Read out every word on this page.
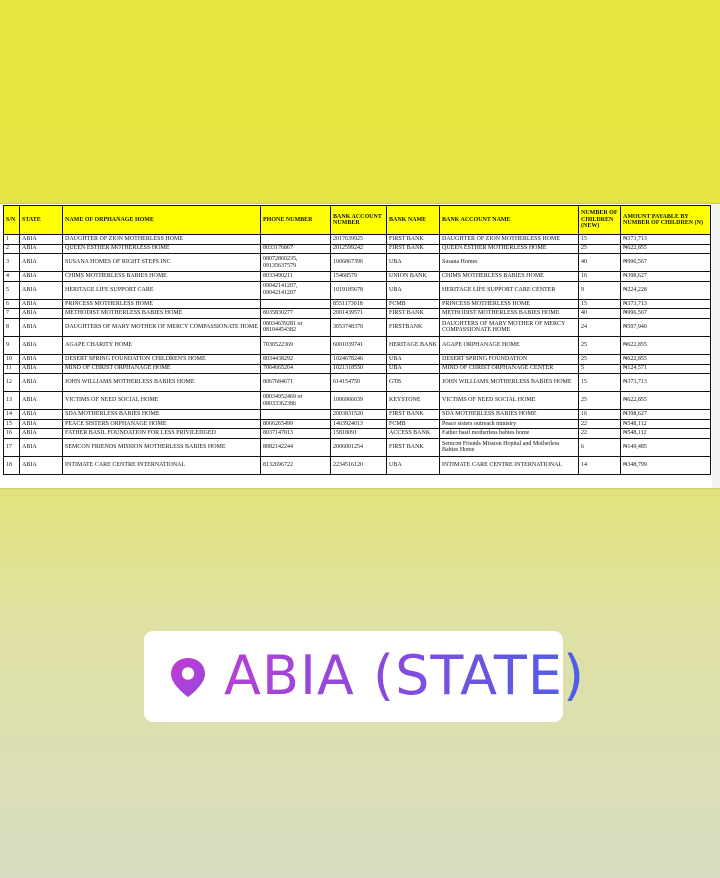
S/N	STATE	NAME OF ORPHANAGE HOME	PHONE NUMBER	BANK ACCOUNT NUMBER	BANK NAME	BANK ACCOUNT NAME	NUMBER OF CHILDREN (NEW)	AMOUNT PAYABLE BY NUMBER OF CHILDREN (N)
1	ABIA	DAUGHTER OF ZION MOTHERLESS HOME		2017639925	FIRST BANK	DAUGHTER OF ZION MOTHERLESS HOME	15	₦373,713
2	ABIA	QUEEN ESTHER MOTHERLESS HOME	8033176867	2012599242	FIRST BANK	QUEEN ESTHER MOTHERLESS HOME	25	₦622,855
3	ABIA	SUSANA HOMES OF RIGHT STEPS INC	08072860235, 09135637579	1006867396	UBA	Susana Homes	40	₦996,567
4	ABIA	CHIMS MOTHERLESS BABIES HOME	8033490211	15468579	UNION BANK	CHIMS MOTHERLESS BABIES HOME	16	₦398,627
5	ABIA	HERITAGE LIFE SUPPORT CARE	09042141207, 09042141207	1019185678	UBA	HERITAGE LIFE SUPPORT CARE CENTER	9	₦224,228
6	ABIA	PRINCESS MOTHERLESS HOME		8551173018	FCMB	PRINCESS MOTHERLESS HOME	15	₦373,713
7	ABIA	METHODIST MOTHERLESS BABIES HOME	8035830277	2001439571	FIRST BANK	METHODIST MOTHERLESS BABIES HOME	40	₦996,567
8	ABIA	DAUGHTERS OF MARY MOTHER OF MERCY COMPASSIONATE HOME	08034639281 or 08104454382	3053748370	FIRSTBANK	DAUGHTERS OF MARY MOTHER OF MERCY COMPASSIONATE HOME	24	₦597,940
9	ABIA	AGAPE CHARITY HOME	7030522369	6001039741	HERITAGE BANK	AGAPE ORPHANAGE HOME	25	₦622,855
10	ABIA	DESERT SPRING FOUNDATION CHILDREN'S HOME	8034438292	1024678246	UBA	DESERT SPRING FOUNDATION	25	₦622,855
11	ABIA	MIND OF CHRIST ORPHANAGE HOME	7064665264	1021318550	UBA	MIND OF CHRIST ORPHANAGE CENTER	5	₦124,571
12	ABIA	JOHN WILLIAMS MOTHERLESS BABIES HOME	8067684671	614154750	GTB	JOHN WILLIAMS MOTHERLESS BABIES HOME	15	₦373,713
13	ABIA	VICTIMS OF NEED SOCIAL HOME	08034952469 or 08033362386	1006966039	KEYSTONE	VICTIMS OF NEED SOCIAL HOME	25	₦622,855
14	ABIA	SDA MOTHERLESS BABIES HOME		2003831520	FIRST BANK	SDA MOTHERLESS BABIES HOME	16	₦398,627
15	ABIA	PEACE SISTERS ORPHANAGE HOME	8066265499	1463924013	FCMB	Peace sisters outreach ministry	22	₦548,112
16	ABIA	FATHER BASIL FOUNDATION FOR LESS PRIVILEDGED	8037147013	15818091	ACCESS BANK	Father basil motherless babies home	22	₦548,112
17	ABIA	SEMCON FRIENDS MISSION MOTHERLESS BABIES HOME	8082142244	2006001254	FIRST BANK	Semcon Friends Mission Hopital and Motherless Babies Home	6	₦149,485
18	ABIA	INTIMATE CARE CENTRE INTERNATIONAL	8132696722	2234516120	UBA	INTIMATE CARE CENTRE INTERNATIONAL	14	₦348,799
ABIA (STATE)
